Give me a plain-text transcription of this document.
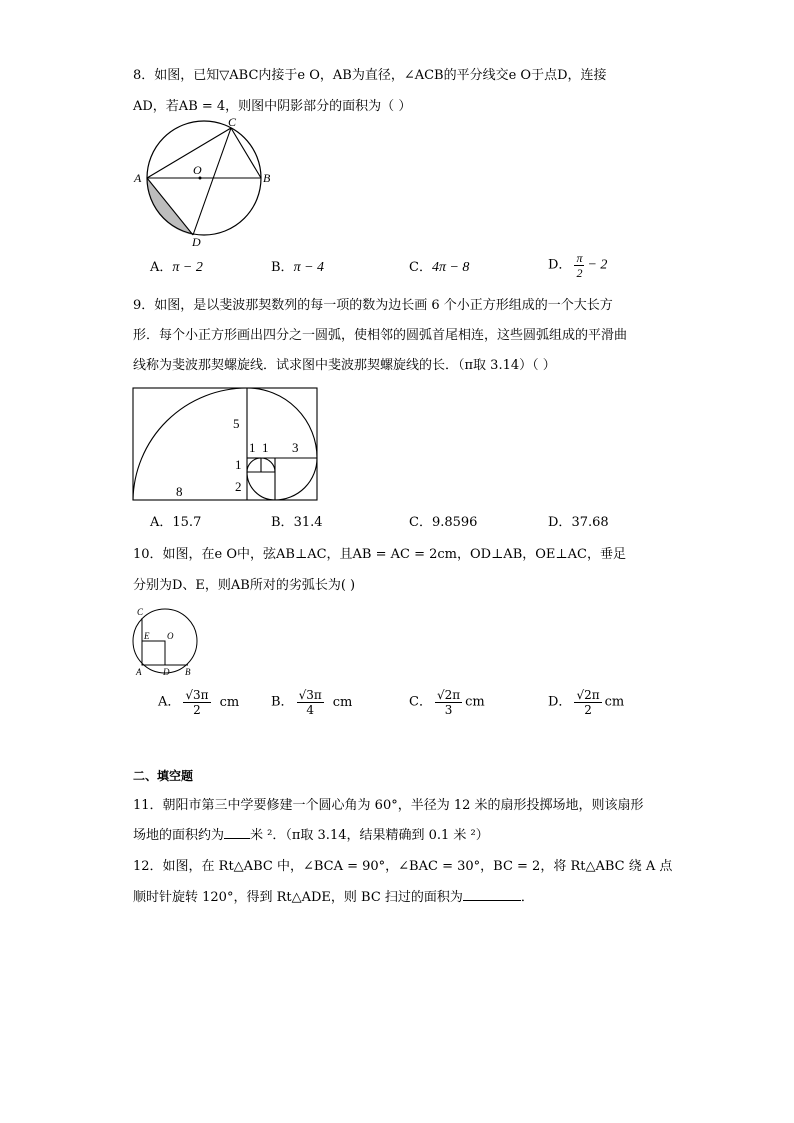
8．如图，已知▽ABC内接于e O，AB为直径，∠ACB的平分线交e O于点D，连接
AD，若AB = 4，则图中阴影部分的面积为（ ）
A	B
C
D
O
A．π − 2	B．π − 4	C．4π − 8	D． $\frac{\pi}{2} - 2$
9．如图，是以斐波那契数列的每一项的数为边长画 6 个小正方形组成的一个大长方
形．每个小正方形画出四分之一圆弧，使相邻的圆弧首尾相连，这些圆弧组成的平滑曲
线称为斐波那契螺旋线．试求图中斐波那契螺旋线的长．（π取 3.14）（ ）
5
1 1 3
1
2
8
A．15.7	B．31.4	C．9.8596	D．37.68
10．如图，在e O中，弦AB⊥AC，且AB = AC = 2cm，OD⊥AB，OE⊥AC，垂足
分别为D、E，则AB所对的劣弧长为( )
C
E O
A D B
A． $\frac{√3\pi}{2}$ cm B． $\frac{√3\pi}{4}$ cm	C． $\frac{√2\pi}{3}$ cm	D． $\frac{√2\pi}{2}$ cm
二、填空题
11．朝阳市第三中学要修建一个圆心角为 60°，半径为 12 米的扇形投掷场地，则该扇形
场地的面积约为 米 ²．（π取 3.14，结果精确到 0.1 米 ²）
12．如图，在 Rt△ABC 中，∠BCA = 90°，∠BAC = 30°，BC = 2，将 Rt△ABC 绕 A 点
顺时针旋转 120°，得到 Rt△ADE，则 BC 扫过的面积为	．
